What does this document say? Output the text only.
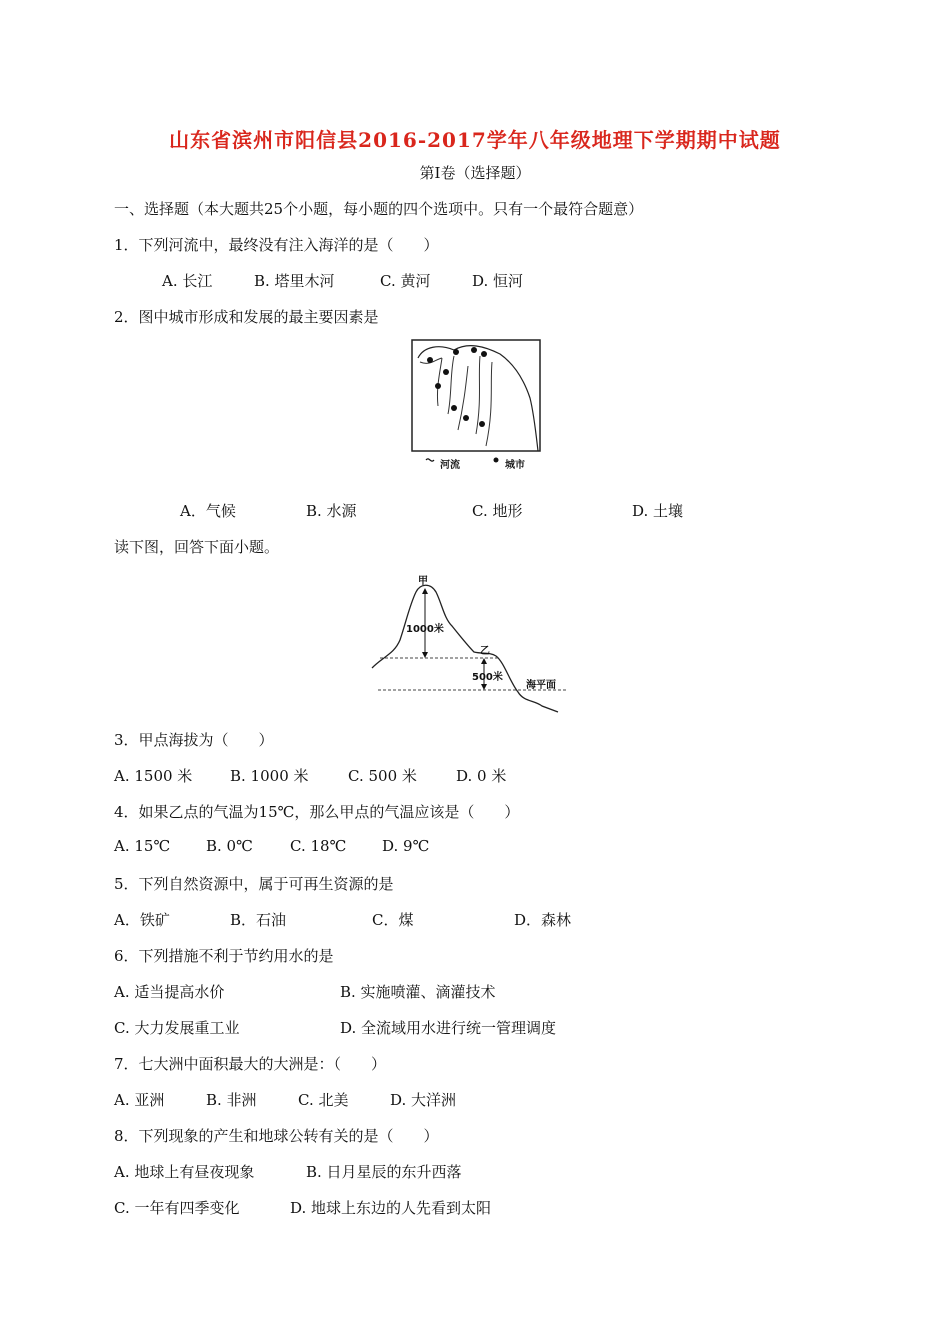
山东省滨州市阳信县2016-2017学年八年级地理下学期期中试题
第Ⅰ卷（选择题）
一、选择题（本大题共25个小题，每小题的四个选项中。只有一个最符合题意）
1．下列河流中，最终没有注入海洋的是（　　）
A. 长江	B. 塔里木河	C. 黄河	D. 恒河
2．图中城市形成和发展的最主要因素是
河流	城市
A．气候	B. 水源	C. 地形	D. 土壤
读下图，回答下面小题。
甲
1000米
乙
500米
海平面
3．甲点海拔为（　　）
A. 1500 米	B. 1000 米	C. 500 米	D. 0 米
4．如果乙点的气温为15℃，那么甲点的气温应该是（　　）
A. 15℃ B. 0℃ C. 18℃ D. 9℃
5．下列自然资源中，属于可再生资源的是
A．铁矿	B．石油	C．煤	D．森林
6．下列措施不利于节约用水的是
A. 适当提高水价	B. 实施喷灌、滴灌技术
C. 大力发展重工业	D. 全流域用水进行统一管理调度
7．七大洲中面积最大的大洲是：（　　）
A. 亚洲	B. 非洲	C. 北美	D. 大洋洲
8．下列现象的产生和地球公转有关的是（　　）
A. 地球上有昼夜现象	B. 日月星辰的东升西落
C. 一年有四季变化	D. 地球上东边的人先看到太阳
